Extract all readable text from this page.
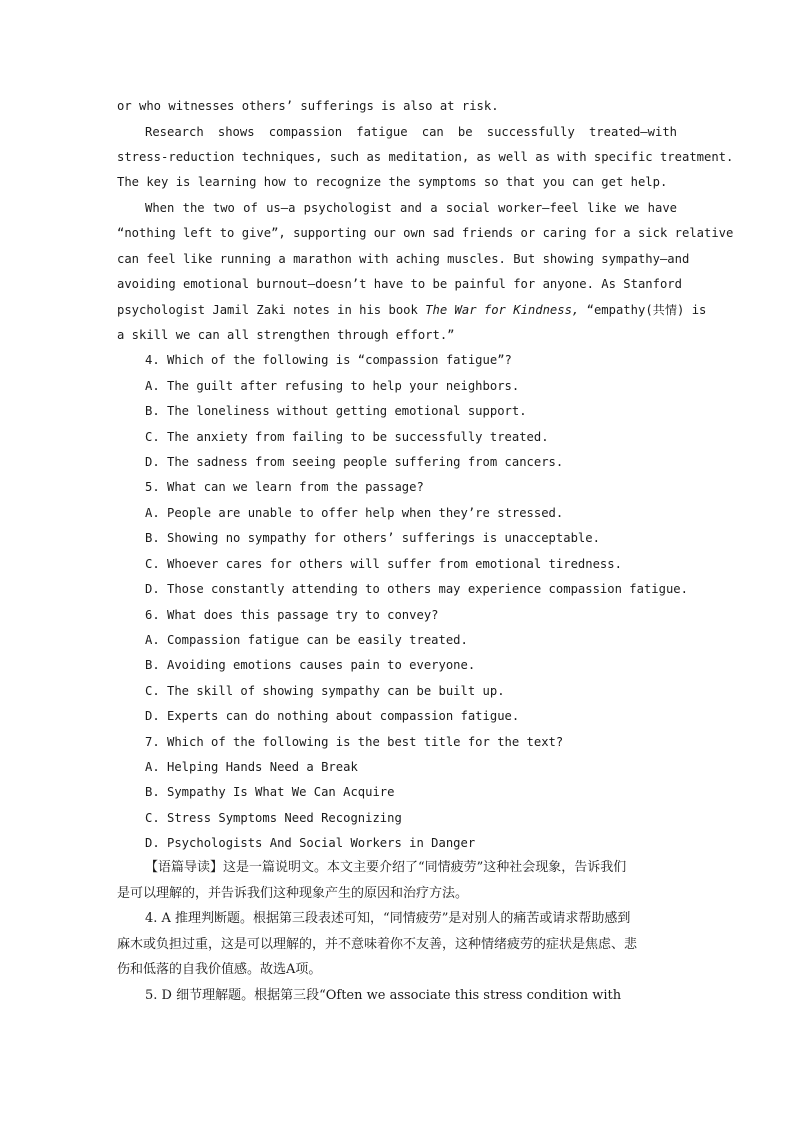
or who witnesses others’ sufferings is also at risk.
Research shows compassion fatigue can be successfully treated—with
stress-reduction techniques, such as meditation, as well as with specific treatment.
The key is learning how to recognize the symptoms so that you can get help.
When the two of us—a psychologist and a social worker—feel like we have
“nothing left to give”, supporting our own sad friends or caring for a sick relative
can feel like running a marathon with aching muscles. But showing sympathy—and
avoiding emotional burnout—doesn’t have to be painful for anyone. As Stanford
psychologist Jamil Zaki notes in his book The War for Kindness, “empathy(共情) is
a skill we can all strengthen through effort.”
4. Which of the following is “compassion fatigue”?
A. The guilt after refusing to help your neighbors.
B. The loneliness without getting emotional support.
C. The anxiety from failing to be successfully treated.
D. The sadness from seeing people suffering from cancers.
5. What can we learn from the passage?
A. People are unable to offer help when they’re stressed.
B. Showing no sympathy for others’ sufferings is unacceptable.
C. Whoever cares for others will suffer from emotional tiredness.
D. Those constantly attending to others may experience compassion fatigue.
6. What does this passage try to convey?
A. Compassion fatigue can be easily treated.
B. Avoiding emotions causes pain to everyone.
C. The skill of showing sympathy can be built up.
D. Experts can do nothing about compassion fatigue.
7. Which of the following is the best title for the text?
A. Helping Hands Need a Break
B. Sympathy Is What We Can Acquire
C. Stress Symptoms Need Recognizing
D. Psychologists And Social Workers in Danger
【语篇导读】这是一篇说明文。本文主要介绍了“同情疲劳”这种社会现象，告诉我们
是可以理解的，并告诉我们这种现象产生的原因和治疗方法。
4. A 推理判断题。根据第三段表述可知，“同情疲劳”是对别人的痛苦或请求帮助感到
麻木或负担过重，这是可以理解的，并不意味着你不友善，这种情绪疲劳的症状是焦虑、悲
伤和低落的自我价值感。故选A项。
5. D 细节理解题。根据第三段“Often we associate this stress condition with
